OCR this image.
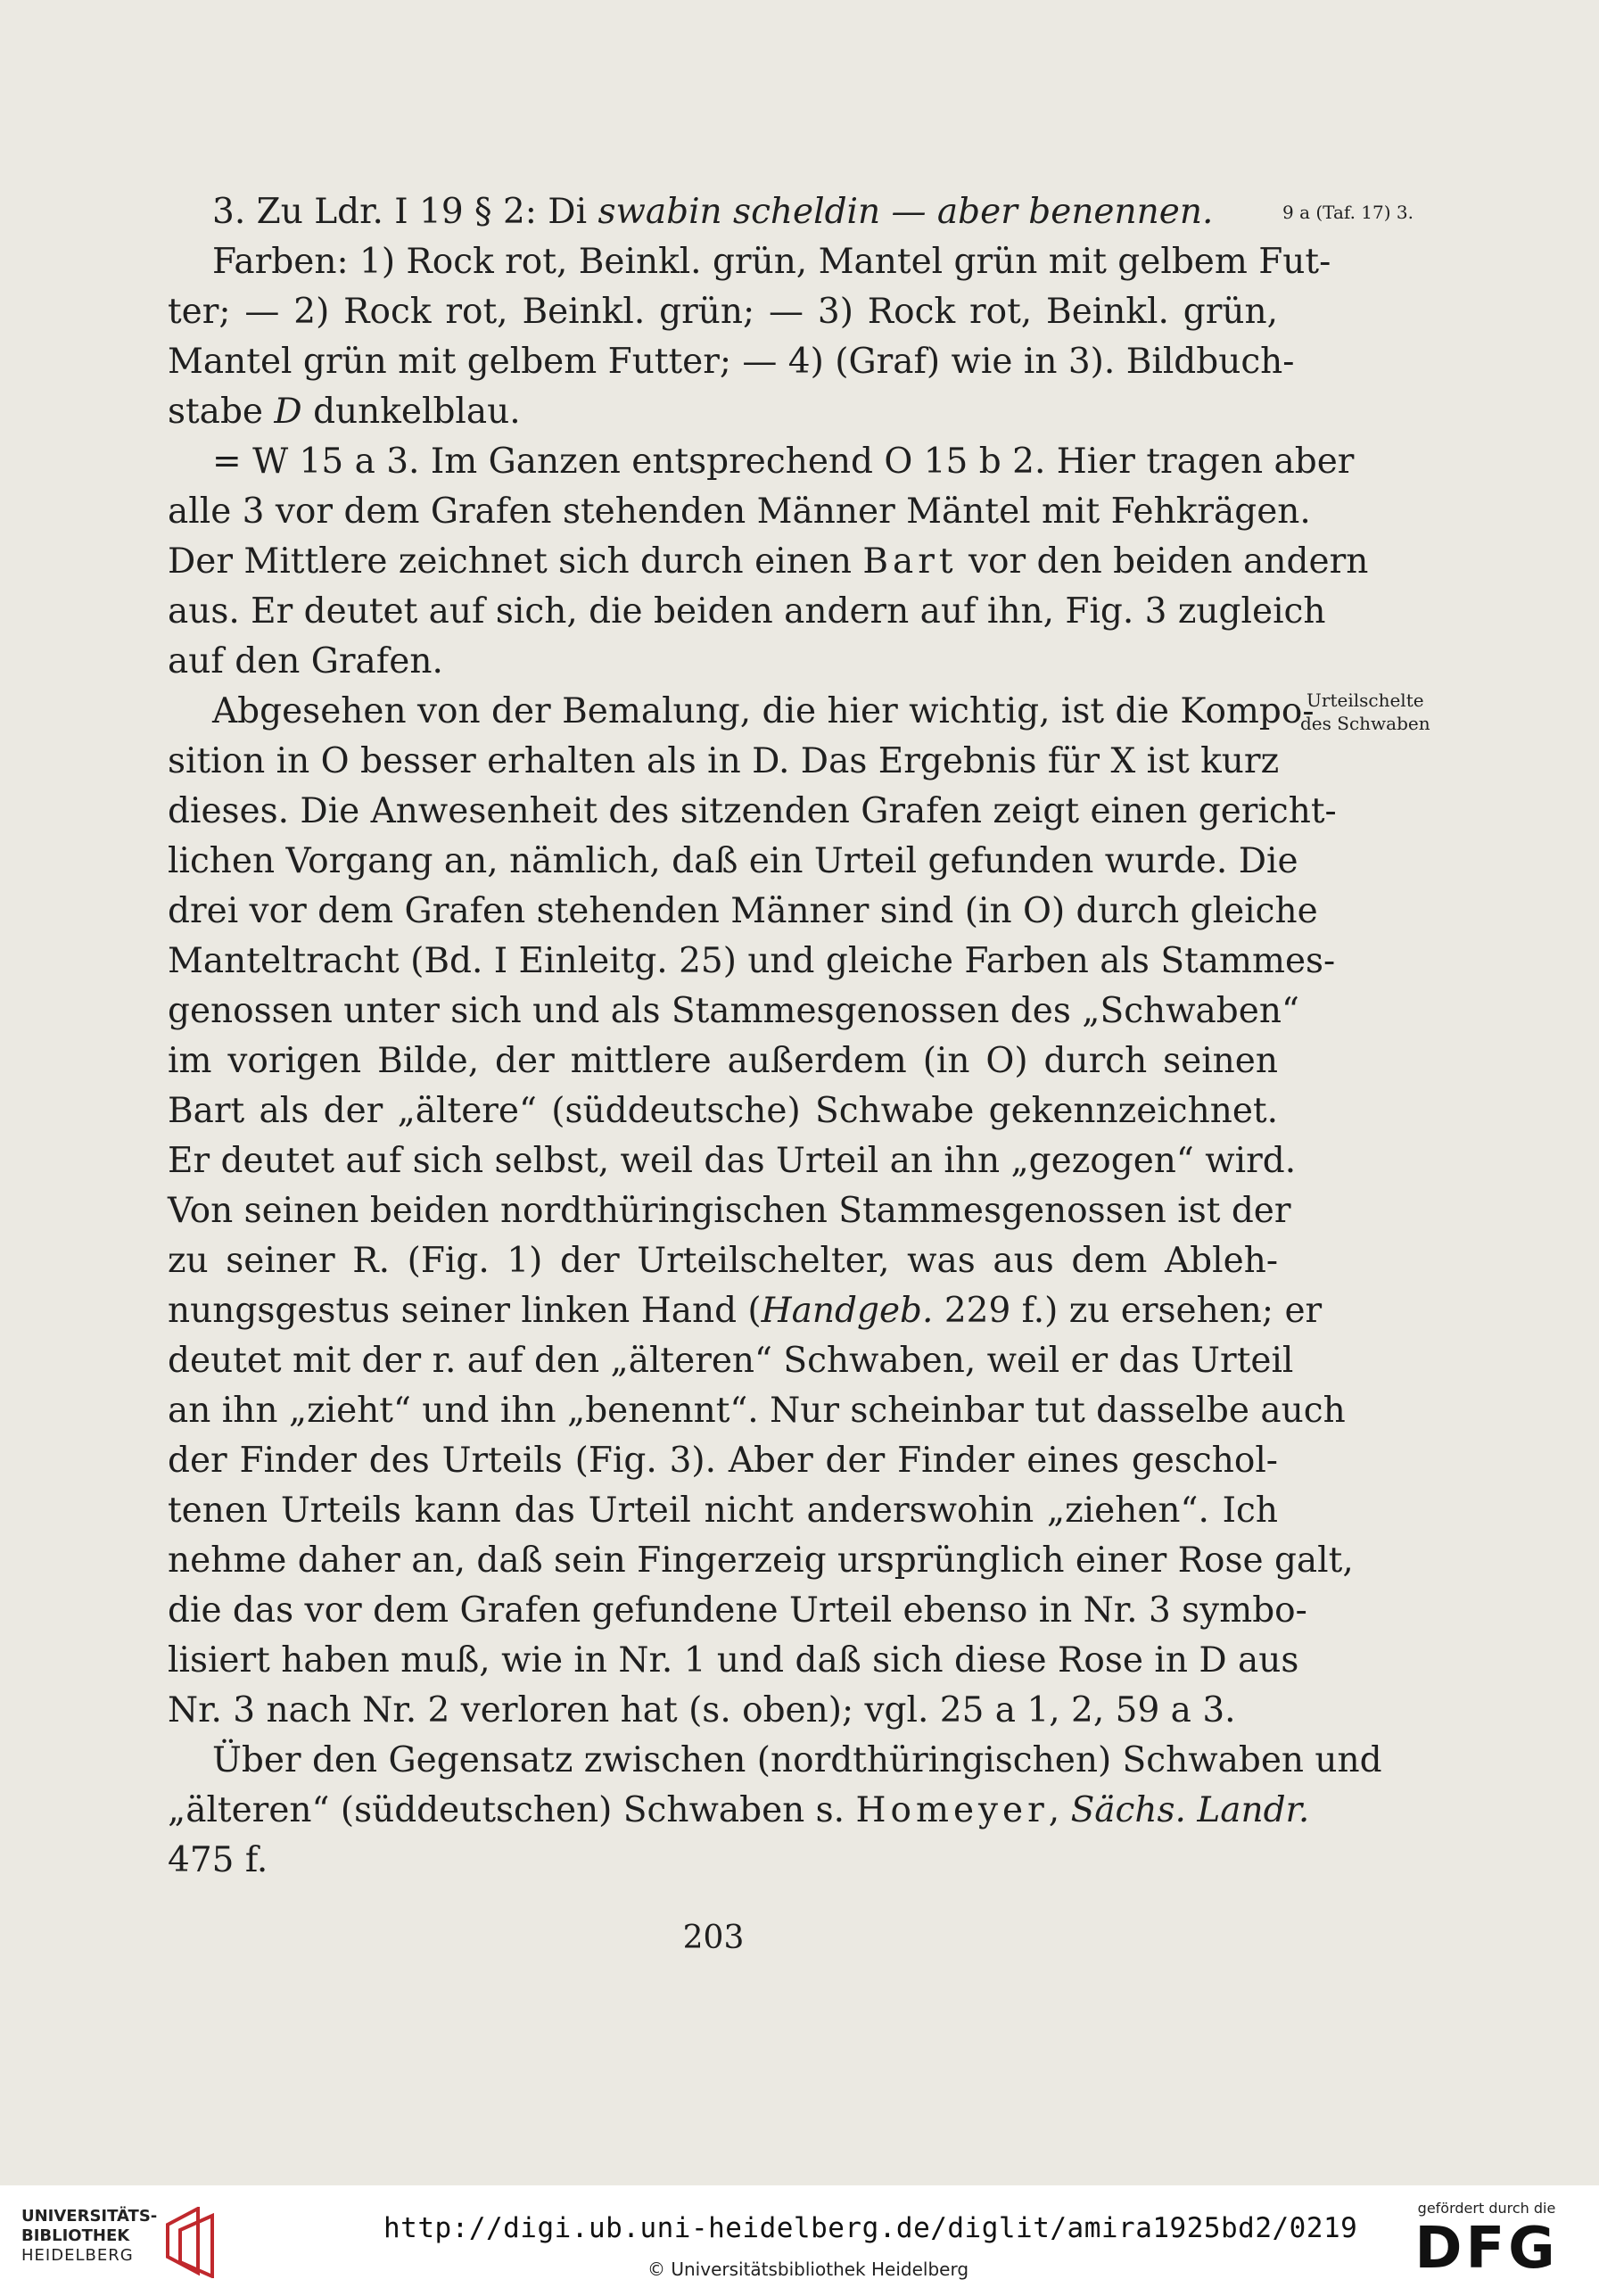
9 a (Taf. 17) 3.
Urteilschelte
des Schwaben
3. Zu Ldr. I 19 § 2: Di swabin scheldin — aber benennen.
Farben: 1) Rock rot, Beinkl. grün, Mantel grün mit gelbem Fut-
ter; — 2) Rock rot, Beinkl. grün; — 3) Rock rot, Beinkl. grün,
Mantel grün mit gelbem Futter; — 4) (Graf) wie in 3). Bildbuch-
stabe D dunkelblau.
= W 15 a 3. Im Ganzen entsprechend O 15 b 2. Hier tragen aber
alle 3 vor dem Grafen stehenden Männer Mäntel mit Fehkrägen.
Der Mittlere zeichnet sich durch einen Bart vor den beiden andern
aus. Er deutet auf sich, die beiden andern auf ihn, Fig. 3 zugleich
auf den Grafen.
Abgesehen von der Bemalung, die hier wichtig, ist die Kompo-
sition in O besser erhalten als in D. Das Ergebnis für X ist kurz
dieses. Die Anwesenheit des sitzenden Grafen zeigt einen gericht-
lichen Vorgang an, nämlich, daß ein Urteil gefunden wurde. Die
drei vor dem Grafen stehenden Männer sind (in O) durch gleiche
Manteltracht (Bd. I Einleitg. 25) und gleiche Farben als Stammes-
genossen unter sich und als Stammesgenossen des „Schwaben“
im vorigen Bilde, der mittlere außerdem (in O) durch seinen
Bart als der „ältere“ (süddeutsche) Schwabe gekennzeichnet.
Er deutet auf sich selbst, weil das Urteil an ihn „gezogen“ wird.
Von seinen beiden nordthüringischen Stammesgenossen ist der
zu seiner R. (Fig. 1) der Urteilschelter, was aus dem Ableh-
nungsgestus seiner linken Hand (Handgeb. 229 f.) zu ersehen; er
deutet mit der r. auf den „älteren“ Schwaben, weil er das Urteil
an ihn „zieht“ und ihn „benennt“. Nur scheinbar tut dasselbe auch
der Finder des Urteils (Fig. 3). Aber der Finder eines geschol-
tenen Urteils kann das Urteil nicht anderswohin „ziehen“. Ich
nehme daher an, daß sein Fingerzeig ursprünglich einer Rose galt,
die das vor dem Grafen gefundene Urteil ebenso in Nr. 3 symbo-
lisiert haben muß, wie in Nr. 1 und daß sich diese Rose in D aus
Nr. 3 nach Nr. 2 verloren hat (s. oben); vgl. 25 a 1, 2, 59 a 3.
Über den Gegensatz zwischen (nordthüringischen) Schwaben und
„älteren“ (süddeutschen) Schwaben s. Homeyer, Sächs. Landr.
475 f.
203
UNIVERSITÄTS-
BIBLIOTHEK
HEIDELBERG
http://digi.ub.uni-heidelberg.de/diglit/amira1925bd2/0219
© Universitätsbibliothek Heidelberg
gefördert durch die
DFG
